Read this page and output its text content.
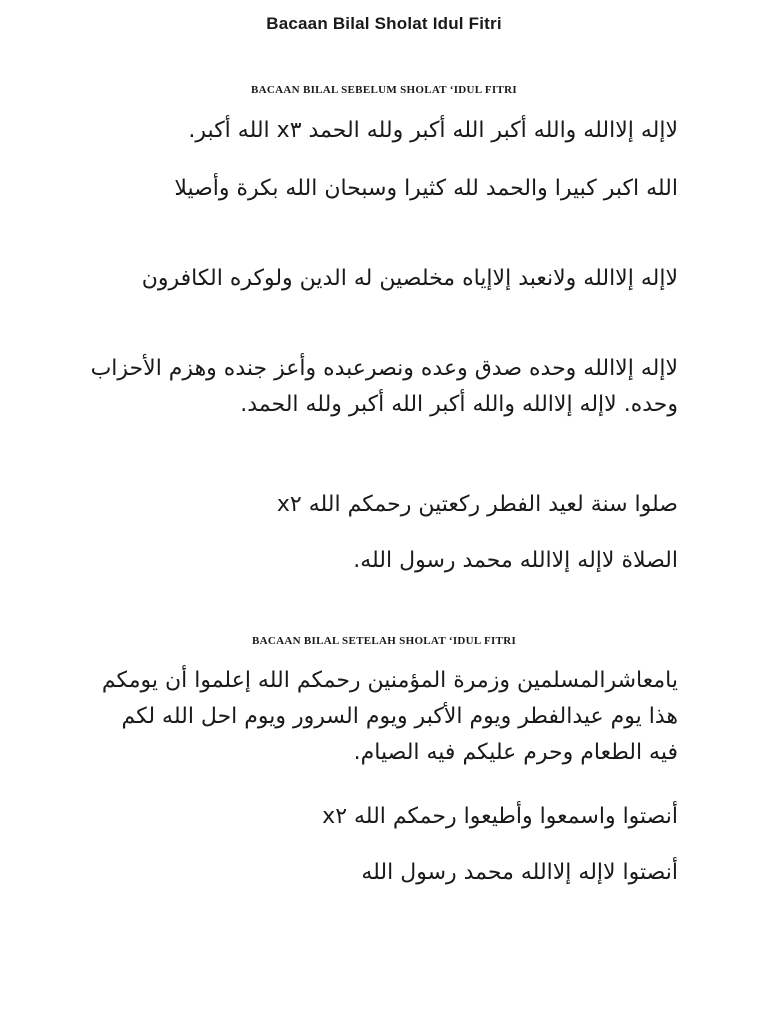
Bacaan Bilal Sholat Idul Fitri
BACAAN BILAL SEBELUM SHOLAT ‘IDUL FITRI

لاإله إلاالله والله أكبر الله أكبر ولله الحمد x٣ الله أكبر.

الله اكبر كبيرا والحمد لله كثيرا وسبحان الله بكرة وأصيلا

لاإله إلاالله ولانعبد إلاإياه مخلصين له الدين ولوكره الكافرون

لاإله إلاالله وحده صدق وعده ونصرعبده وأعز جنده وهزم الأحزاب وحده. لاإله إلاالله والله أكبر الله أكبر ولله الحمد.

صلوا سنة لعيد الفطر ركعتين رحمكم الله x٢

الصلاة لاإله إلاالله محمد رسول الله.

BACAAN BILAL SETELAH SHOLAT ‘IDUL FITRI

يامعاشرالمسلمين وزمرة المؤمنين رحمكم الله إعلموا أن يومكم هذا يوم عيدالفطر ويوم الأكبر ويوم السرور ويوم احل الله لكم فيه الطعام وحرم عليكم فيه الصيام.

أنصتوا واسمعوا وأطيعوا رحمكم الله x٢

أنصتوا لاإله إلاالله محمد رسول الله
